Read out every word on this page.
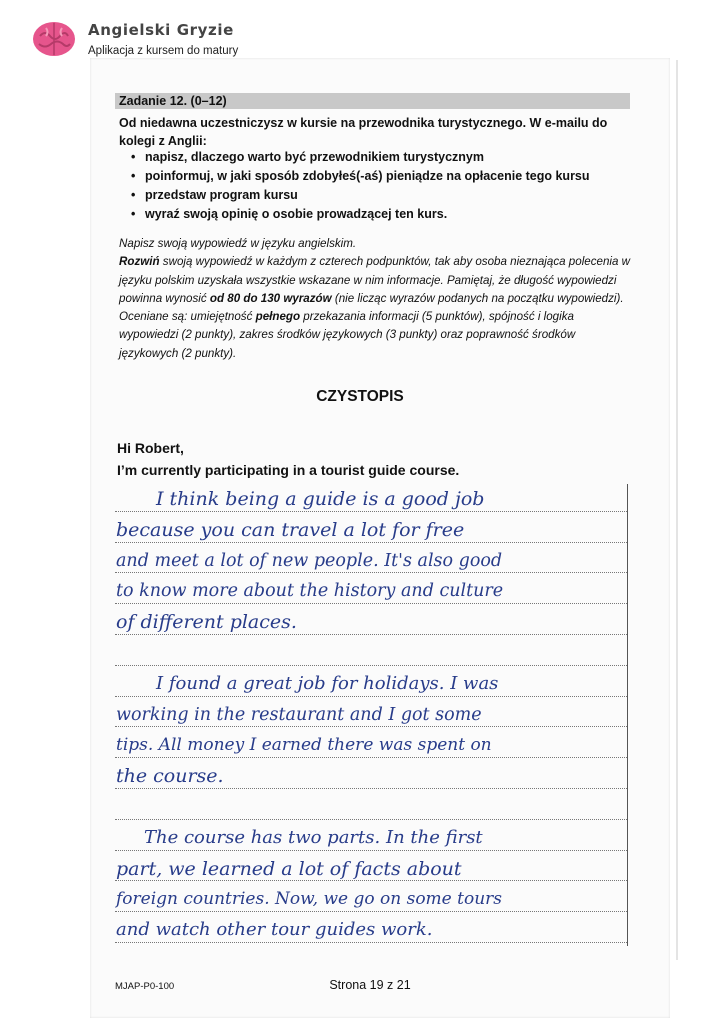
Angielski Gryzie
Aplikacja z kursem do matury
Zadanie 12. (0–12)
Od niedawna uczestniczysz w kursie na przewodnika turystycznego. W e-mailu do kolegi z Anglii:
• napisz, dlaczego warto być przewodnikiem turystycznym
• poinformuj, w jaki sposób zdobyłeś(-aś) pieniądze na opłacenie tego kursu
• przedstaw program kursu
• wyraź swoją opinię o osobie prowadzącej ten kurs.

Napisz swoją wypowiedź w języku angielskim.

Rozwiń swoją wypowiedź w każdym z czterech podpunktów, tak aby osoba nieznająca polecenia w języku polskim uzyskała wszystkie wskazane w nim informacje. Pamiętaj, że długość wypowiedzi powinna wynosić od 80 do 130 wyrazów (nie licząc wyrazów podanych na początku wypowiedzi). Oceniane są: umiejętność pełnego przekazania informacji (5 punktów), spójność i logika wypowiedzi (2 punkty), zakres środków językowych (3 punkty) oraz poprawność środków językowych (2 punkty).

CZYSTOPIS
Hi Robert,
I’m currently participating in a tourist guide course.
I think being a guide is a good job
because you can travel a lot for free
and meet a lot of new people. It's also good
to know more about the history and culture
of different places.
I found a great job for holidays. I was
working in the restaurant and I got some
tips. All money I earned there was spent on
the course.
The course has two parts. In the first
part, we learned a lot of facts about
foreign countries. Now, we go on some tours
and watch other tour guides work.
MJAP-P0-100	Strona 19 z 21
